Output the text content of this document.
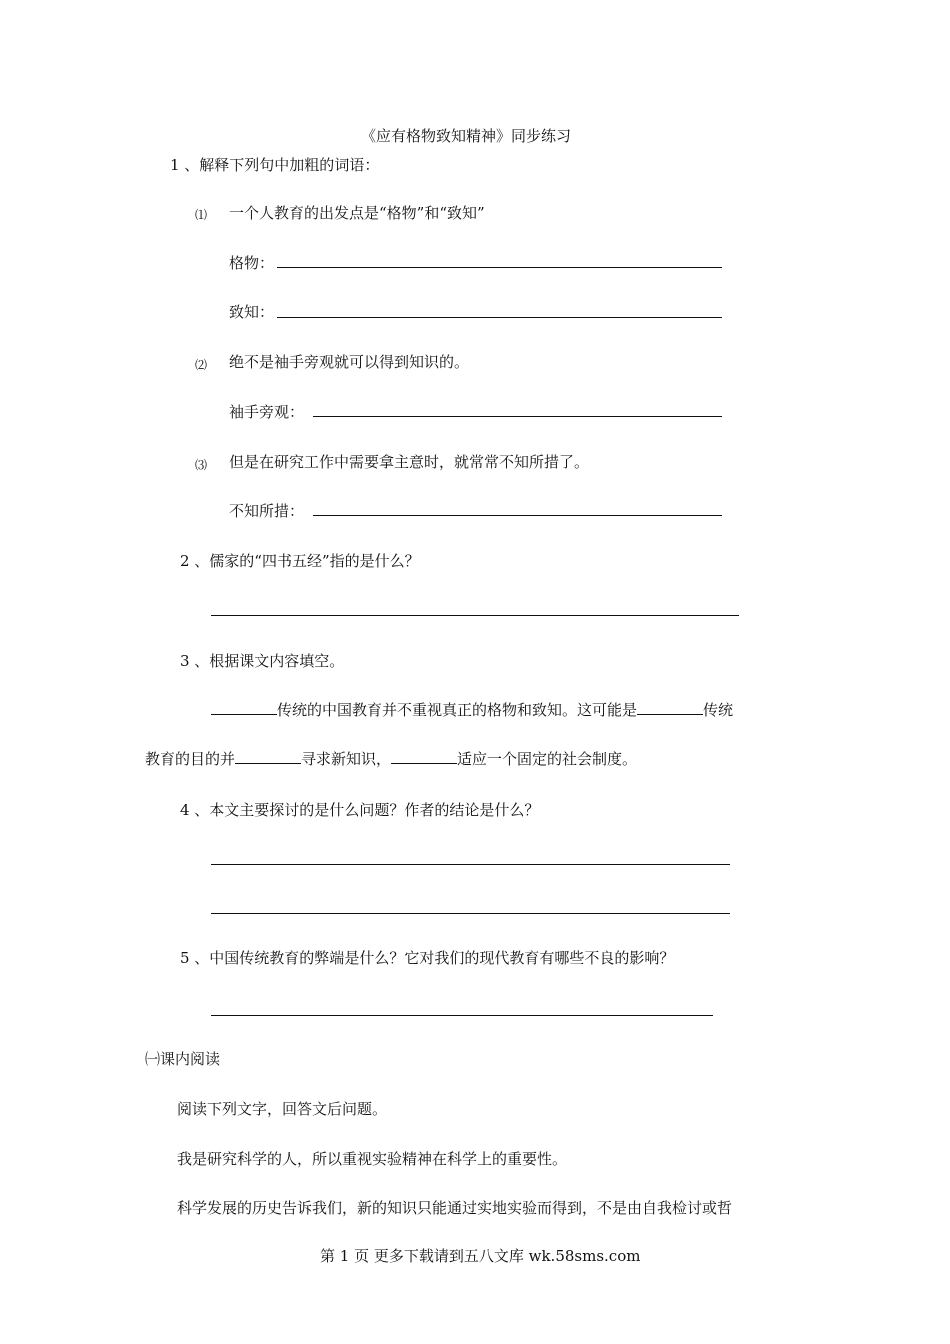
《应有格物致知精神》同步练习
1 、解释下列句中加粗的词语：
⑴ 一个人教育的出发点是“格物”和“致知”
格物：
致知：
⑵ 绝不是袖手旁观就可以得到知识的。
袖手旁观：
⑶ 但是在研究工作中需要拿主意时，就常常不知所措了。
不知所措：
2 、儒家的“四书五经”指的是什么？
3 、根据课文内容填空。
传统的中国教育并不重视真正的格物和致知。这可能是	传统
教育的目的并	寻求新知识，	适应一个固定的社会制度。
4 、本文主要探讨的是什么问题？作者的结论是什么？
5 、中国传统教育的弊端是什么？它对我们的现代教育有哪些不良的影响？
㈠课内阅读
阅读下列文字，回答文后问题。
我是研究科学的人，所以重视实验精神在科学上的重要性。
科学发展的历史告诉我们，新的知识只能通过实地实验而得到，不是由自我检讨或哲
第 1 页 更多下载请到五八文库 wk.58sms.com
